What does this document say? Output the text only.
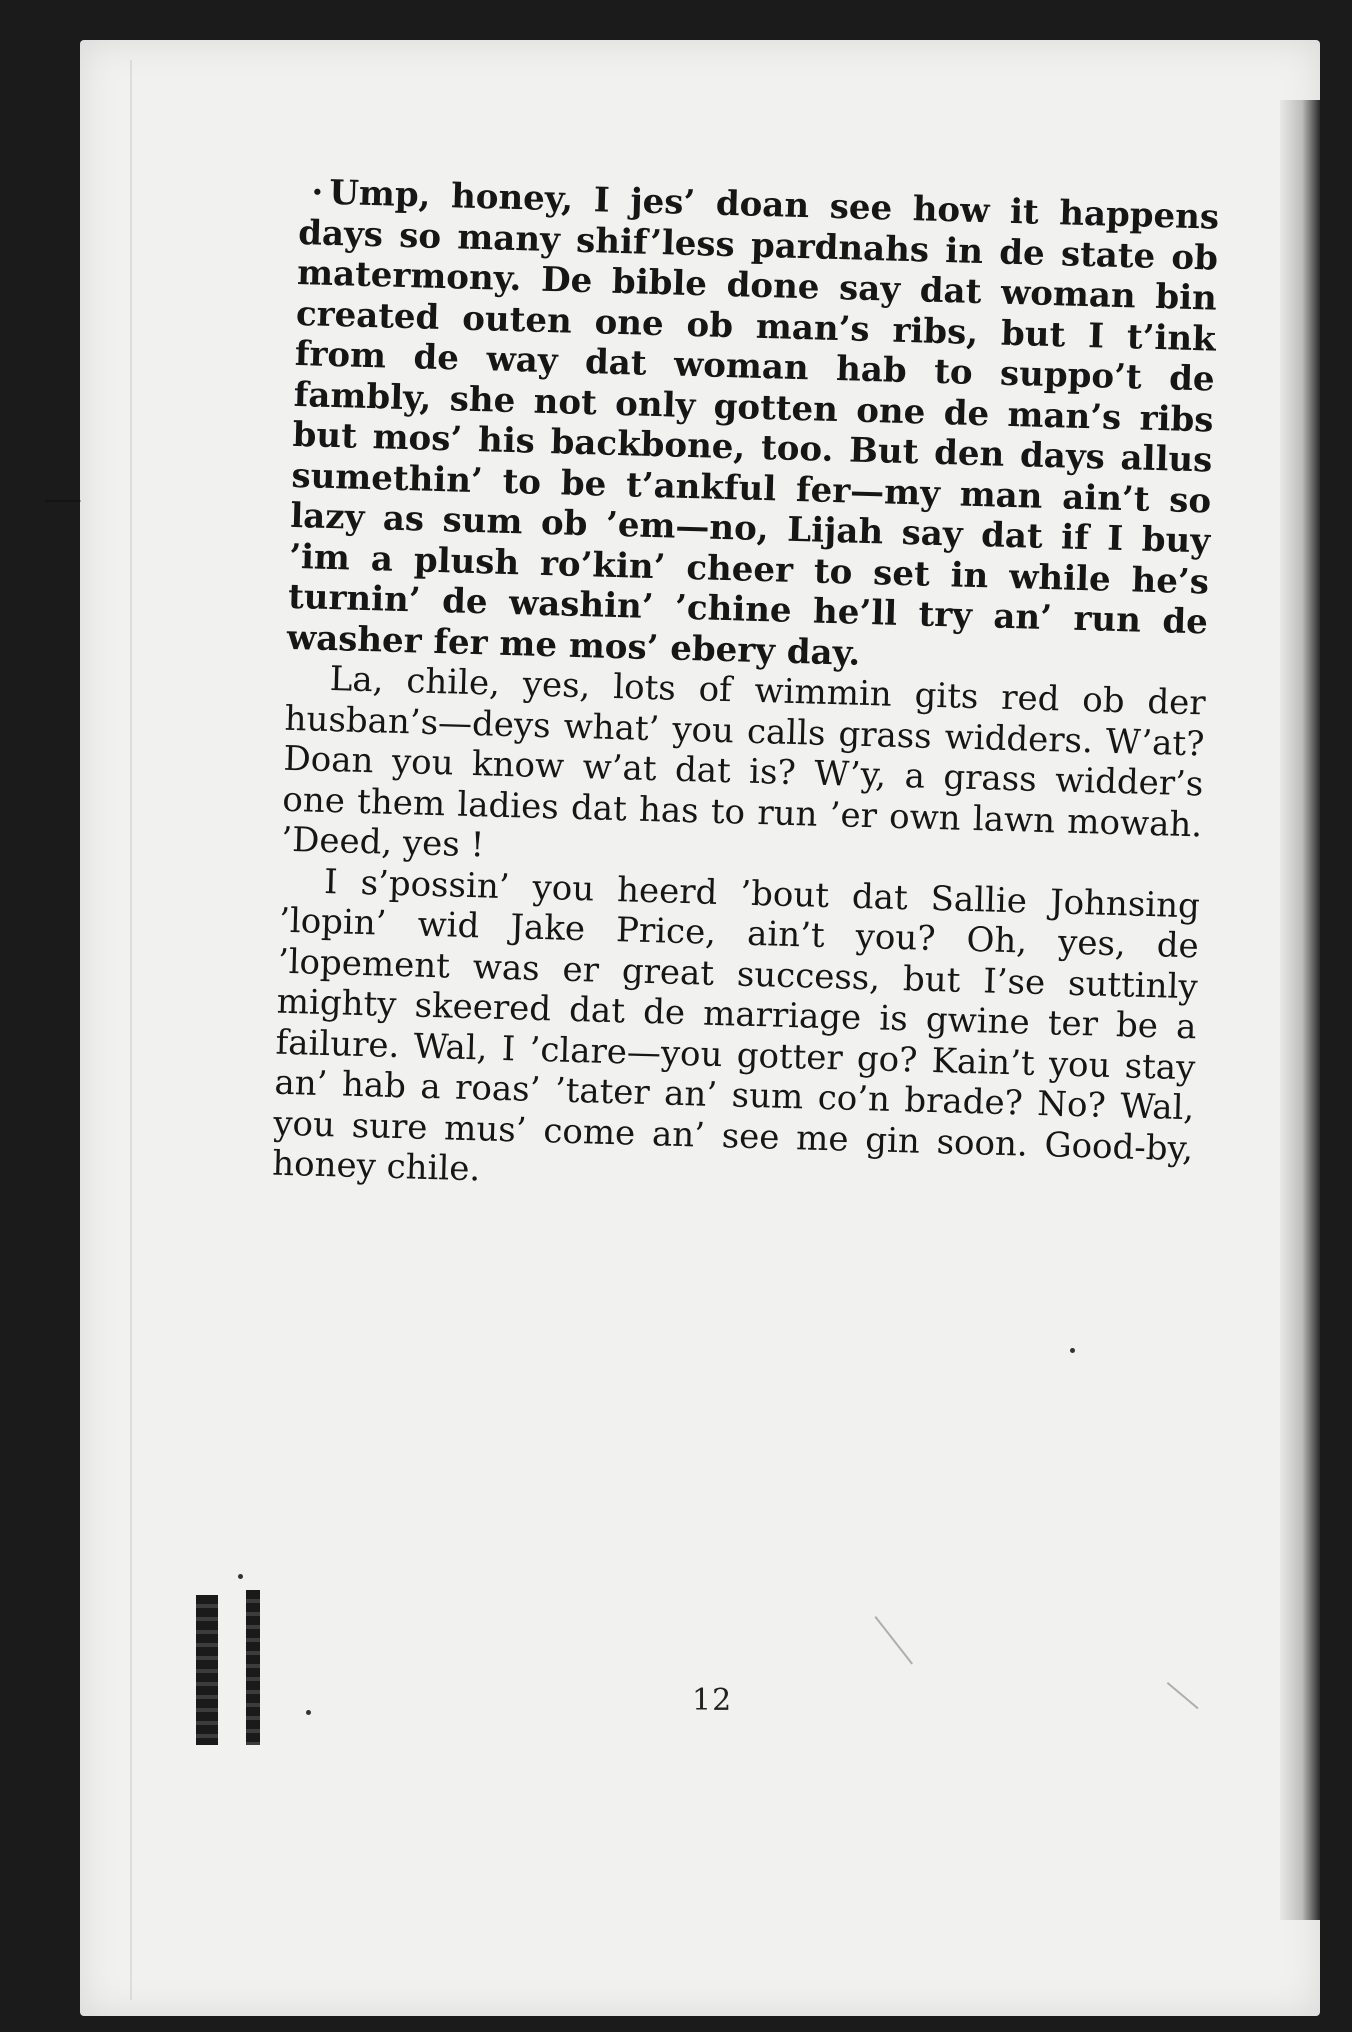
· Ump, honey, I jes’ doan see how it happens days so many shif’less pardnahs in de state ob matermony. De bible done say dat woman bin created outen one ob man’s ribs, but I t’ink from de way dat woman hab to suppo’t de fambly, she not only gotten one de man’s ribs but mos’ his backbone, too. But den days allus sumethin’ to be t’ankful fer—my man ain’t so lazy as sum ob ’em—no, Lijah say dat if I buy ’im a plush ro’kin’ cheer to set in while he’s turnin’ de washin’ ’chine he’ll try an’ run de washer fer me mos’ ebery day.

La, chile, yes, lots of wimmin gits red ob der husban’s—deys what’ you calls grass widders. W’at? Doan you know w’at dat is? W’y, a grass widder’s one them ladies dat has to run ’er own lawn mowah. ’Deed, yes !

I s’possin’ you heerd ’bout dat Sallie Johnsing ’lopin’ wid Jake Price, ain’t you? Oh, yes, de ’lopement was er great success, but I’se suttinly mighty skeered dat de marriage is gwine ter be a failure. Wal, I ’clare—you gotter go? Kain’t you stay an’ hab a roas’ ’tater an’ sum co’n brade? No? Wal, you sure mus’ come an’ see me gin soon. Good-by, honey chile.

12
